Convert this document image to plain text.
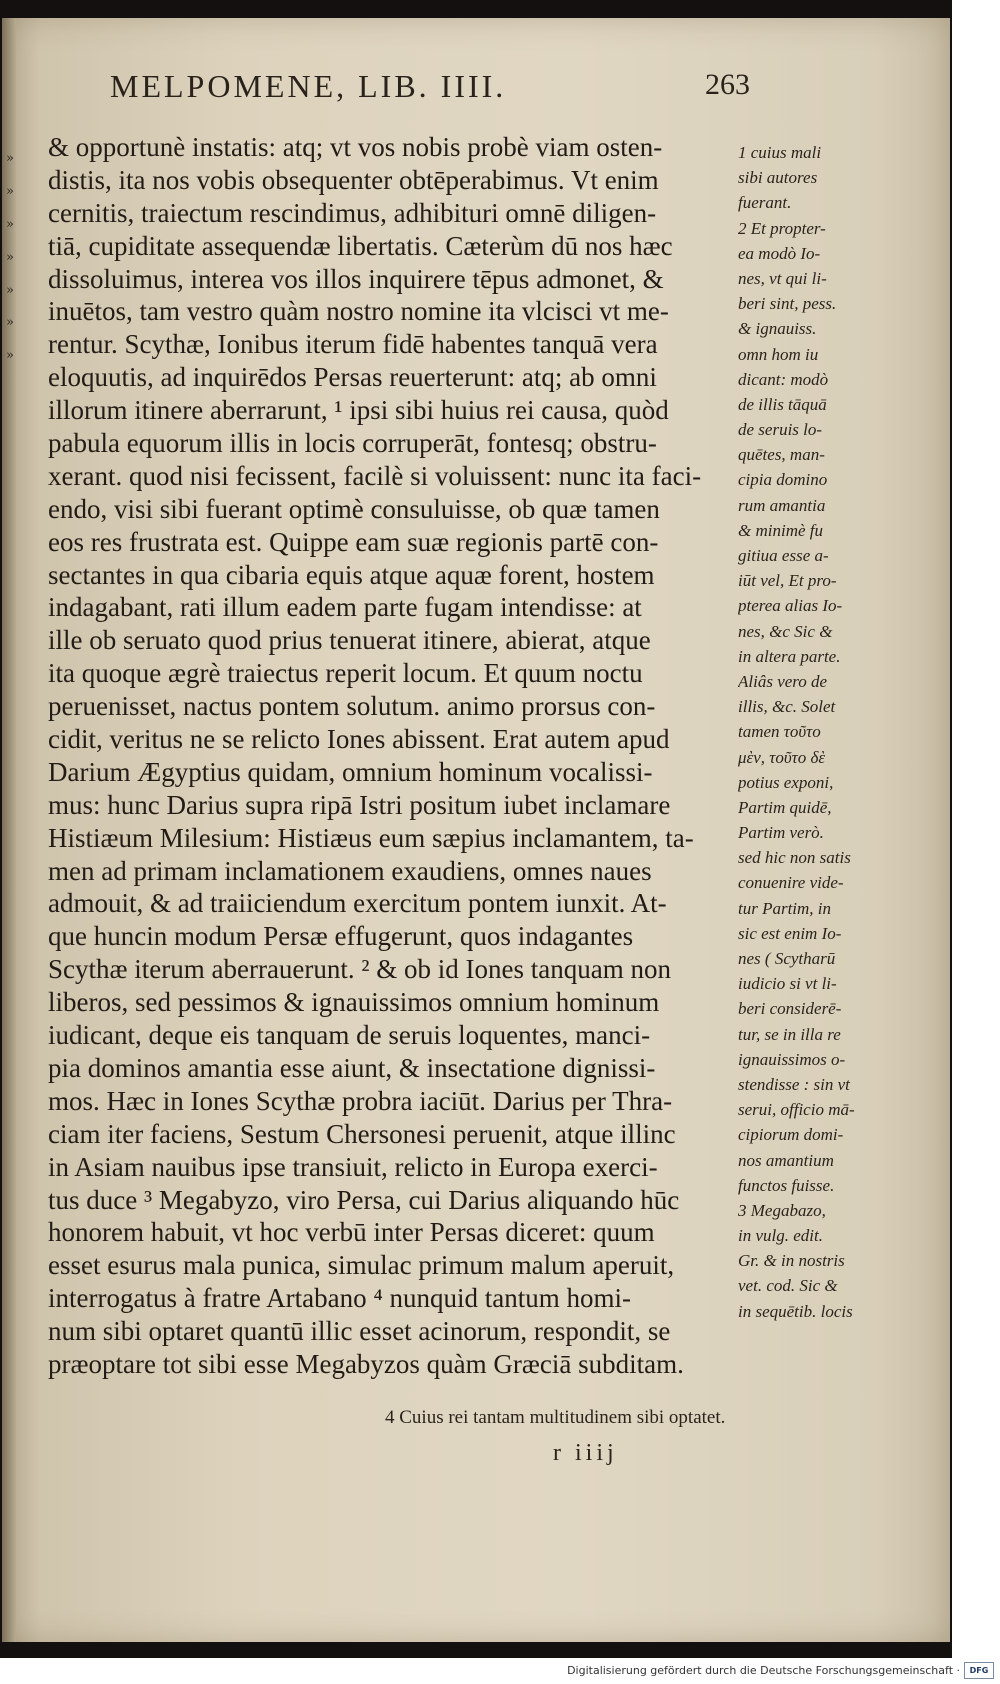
MELPOMENE, LIB. IIII.	263
»
»
»
»
»
»
»
& opportunè instatis: atq; vt vos nobis probè viam osten-
distis, ita nos vobis obsequenter obtēperabimus. Vt enim
cernitis, traiectum rescindimus, adhibituri omnē diligen-
tiā, cupiditate assequendæ libertatis. Cæterùm dū nos hæc
dissoluimus, interea vos illos inquirere tēpus admonet, &
inuētos, tam vestro quàm nostro nomine ita vlcisci vt me-
rentur. Scythæ, Ionibus iterum fidē habentes tanquā vera
eloquutis, ad inquirēdos Persas reuerterunt: atq; ab omni
illorum itinere aberrarunt, ¹ ipsi sibi huius rei causa, quòd
pabula equorum illis in locis corruperāt, fontesq; obstru-
xerant. quod nisi fecissent, facilè si voluissent: nunc ita faci-
endo, visi sibi fuerant optimè consuluisse, ob quæ tamen
eos res frustrata est. Quippe eam suæ regionis partē con-
sectantes in qua cibaria equis atque aquæ forent, hostem
indagabant, rati illum eadem parte fugam intendisse: at
ille ob seruato quod prius tenuerat itinere, abierat, atque
ita quoque ægrè traiectus reperit locum. Et quum noctu
peruenisset, nactus pontem solutum. animo prorsus con-
cidit, veritus ne se relicto Iones abissent. Erat autem apud
Darium Ægyptius quidam, omnium hominum vocalissi-
mus: hunc Darius supra ripā Istri positum iubet inclamare
Histiæum Milesium: Histiæus eum sæpius inclamantem, ta-
men ad primam inclamationem exaudiens, omnes naues
admouit, & ad traiiciendum exercitum pontem iunxit. At-
que huncin modum Persæ effugerunt, quos indagantes
Scythæ iterum aberrauerunt. ² & ob id Iones tanquam non
liberos, sed pessimos & ignauissimos omnium hominum
iudicant, deque eis tanquam de seruis loquentes, manci-
pia dominos amantia esse aiunt, & insectatione dignissi-
mos. Hæc in Iones Scythæ probra iaciūt. Darius per Thra-
ciam iter faciens, Sestum Chersonesi peruenit, atque illinc
in Asiam nauibus ipse transiuit, relicto in Europa exerci-
tus duce ³ Megabyzo, viro Persa, cui Darius aliquando hūc
honorem habuit, vt hoc verbū inter Persas diceret: quum
esset esurus mala punica, simulac primum malum aperuit,
interrogatus à fratre Artabano ⁴ nunquid tantum homi-
num sibi optaret quantū illic esset acinorum, respondit, se
præoptare tot sibi esse Megabyzos quàm Græciā subditam.
1 cuius mali
sibi autores
fuerant.
2 Et propter-
ea modò Io-
nes, vt qui li-
beri sint, pess.
& ignauiss.
omn hom iu
dicant: modò
de illis tāquā
de seruis lo-
quētes, man-
cipia domino
rum amantia
& minimè fu
gitiua esse a-
iūt vel, Et pro-
pterea alias Io-
nes, &c Sic &
in altera parte.
Aliâs vero de
illis, &c. Solet
tamen τοῦτο
μὲν, τοῦτο δὲ
potius exponi,
Partim quidē,
Partim verò.
sed hic non satis
conuenire vide-
tur Partim, in
sic est enim Io-
nes ( Scytharū
iudicio si vt li-
beri considerē-
tur, se in illa re
ignauissimos o-
stendisse : sin vt
serui, officio mā-
cipiorum domi-
nos amantium
functos fuisse.
3 Megabazo,
in vulg. edit.
Gr. & in nostris
vet. cod. Sic &
in sequētib. locis
4 Cuius rei tantam multitudinem sibi optatet.
r iiij
Digitalisierung gefördert durch die Deutsche Forschungsgemeinschaft ·	DFG
